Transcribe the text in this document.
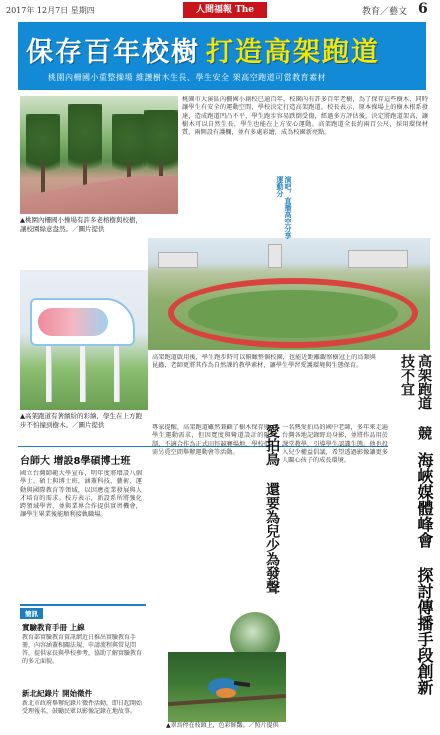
2017年 12月7日 星期四	人間福報 The	教育／藝文 6
保存百年校樹 打造高架跑道
桃園內柵國小重整操場 維護樹木生長、學生安全 架高空跑道可當教育素材
▲桃園內柵國小操場有許多老榕樹與校樹，讓校園綠意盎然。／圖片提供
▲高架跑道有著繽紛的彩繪，學生在上方跑步不怕撞到樹木。／圖片提供
桃園市大溪區內柵國小創校已逾百年，校園內有許多百年老樹，為了保存這些樹木，同時讓學生有安全的運動空間，學校決定打造高架跑道。校長表示，原本操場上的樹木根系發達，造成跑道凹凸不平，學生跑步容易跌倒受傷，經過多方評估後，決定將跑道架高，讓樹木可以自然生長，學生也能在上方安心運動。高架跑道全長約兩百公尺，採用環保材質，兩側設有護欄，並有多處彩繪，成為校園新亮點。
演吧，直播高空分享運動分
高架跑道啟用後，學生跑步時可以俯瞰整個校園，也能近距離觀察樹冠上的鳥類與昆蟲，老師更將其作為自然課的教學素材，讓學生學習愛護環境與生態保育。	高架跑道 競技不宜
台師大 增設8學碩博士班
國立台灣師範大學宣布，明年度將增設八個學士、碩士與博士班，涵蓋科技、藝術、運動與國際教育等領域，以因應產業發展與人才培育的需求。校方表示，新設系所將強化跨領域學習，並與業界合作提供實習機會，讓學生畢業後能順利接軌職場。
專家提醒，高架跑道雖然兼顧了樹木保存與學生運動需求，但因寬度與彎道設計的限制，不適合作為正式田徑競賽場地，學校仍需另覓空間舉辦運動會等活動。	愛拍鳥 還要為兒少為發聲 一名熱愛拍鳥的國中老師，多年來走遍台灣各地記錄野鳥身影，並將作品用於課堂教學，引導學生認識生態。他也投入兒少權益倡議，希望透過影像讓更多人關心孩子的成長環境。
▲翠鳥停在枝頭上，色彩鮮豔。／照片提供
海峽媒體峰會 探討傳播手段創新
簡訊
實驗教育手冊 上線
教育部實驗教育資訊網近日推出實驗教育手冊，內容涵蓋相關法規、申請流程與常見問答，提供家長與學校參考，協助了解實驗教育的多元面貌。
新北紀錄片 開始徵件
新北市政府舉辦紀錄片徵件活動，即日起開始受理報名，鼓勵民眾以影像記錄在地故事。
